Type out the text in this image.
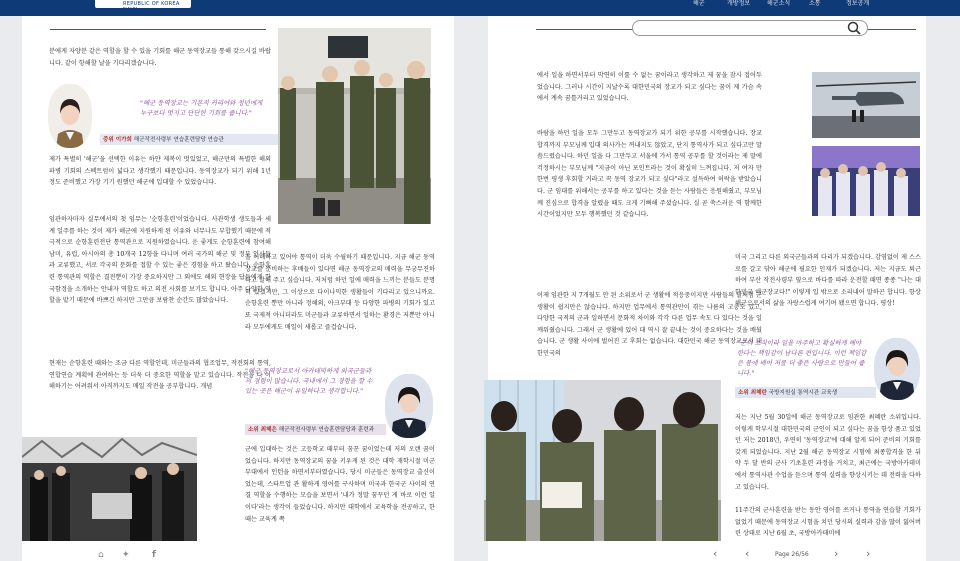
REPUBLIC OF KOREA NAVY
해군	개방정보	해군소식	소통	정보공개
분에게 자양분 같은 역할을 할 수 있을 기회를 해군 동역장교들 통해 갖으시길 바랍니다. 같이 항해할 날을 기다리겠습니다.
"해군 동역장교는 기본적 커리어와 청년에게 누구보다 멋지고 단단한 기회를 줍니다."
중위 이가희 해군작전사령부 연습훈련담당 연습관
제가 특별히 '해군'을 선택한 이유는 하얀 제복이 멋있었고, 해군만의 특별한 해외파병 기회의 스펙트럼이 넓다고 생각했기 때문입니다. 동역장교가 되기 위해 1년 정도 준비했고 가장 기기 원했던 해군에 입대할 수 있었습니다.
임관하자마자 실무에서의 첫 임무는 '순항훈련'이었습니다. 사관학생 생도들과 세계 일주를 하는 것이 제가 해군에 지원하게 된 이유와 너무나도 부합했기 때문에 적극적으로 순항훈련전단 통역관으로 지원하였습니다. 운 좋게도 순항훈련에 참여해 남미, 유럽, 아시아의 총 10개국 12항을 다니며 여러 국가의 해군 및 정부 인사들과 교류했고, 서로 각국의 문화를 접할 수 있는 좋은 경험을 하고 왔습니다. 순항훈련 통역관의 역할은 결전뿐이 가장 중요하지만 그 외에도 해외 현장을 답들에게 한국함정을 소개하는 안내자 역할도 하고 의전 사회를 보기도 합니다. 아주 다양한 역할을 맡기 때문에 바쁘긴 하지만 그만큼 보람찬 순간도 많았습니다.
현재는 순항훈련 때와는 조금 다른 역할인데, 미군들과의 협조업무, 작전회의 통역, 연합연습 계획에 관여하는 등 더욱 더 중요한 역할을 맡고 있습니다. 작전을 다 이해하기는 어려워서 아직까지도 매일 작전을 공부합니다. 개념
을 이해하고 있어야 통역이 더욱 수월하기 때문입니다. 지금 해군 동역장교를 준비하는 후배들이 있다면 해군 동역장교의 매력을 무궁무진하다고 말해 주고 싶습니다. 저처럼 하던 일에 매력을 느끼는 분들도 분명히 있겠지만, 그 이상으로 다이나믹한 생활들이 기다리고 있으니까요. 순항훈련 뿐만 아니라 정해외, 아크부대 등 다양한 파병의 기회가 있고 또 국제적 아니더라도 미군들과 교류하면서 일하는 환경은 저뿐만 아니라 모두에게도 매일이 새롭고 즐겁습니다.
"해군 동역장교로서 아카데믹하게 외국군들과의 경험이 많습니다. 국내에서 그 경험을 할 수 있는 곳은 해군이 유일하다고 생각합니다."
소위 최혜은 해군작전사령부 연습훈련담당과 훈련과
군에 입대하는 것은 고등학교 때부터 꿈꾼 꿈이었는데 저의 오랜 꿈이었습니다. 하지만 동역장교의 꿈을 키우게 된 것은 대학 재학시절 미군부대에서 인턴을 하면서부터였습니다. 당시 미군들은 동역장교 출신이었는데, 스타트업 관 활하게 영어를 구사하며 미국과 한국군 사이의 연결 역할을 수행하는 모습을 보면서 '내가 정말 꿈꾸던 게 바로 이런 일이다'라는 생각이 들었습니다. 하지만 대학에서 교육학을 전공하고, 한 때는 교육계 쪽
⌂ ✦ f
에서 일을 하면서부터 막연히 이룰 수 없는 꿈이라고 생각하고 제 꿈을 잠시 접어두었습니다. 그러나 시간이 지날수록 대한민국의 장교가 되고 싶다는 꿈이 제 가슴 속에서 계속 꿈틀거리고 있었습니다.
바람을 하던 일을 모두 그만두고 동역장교가 되기 위한 공부를 시작했습니다. 장교 합격까지 부모님께 입대 의사가는 꺼내지도 않았고, 단지 통역사가 되고 싶다고만 말씀드렸습니다. 하던 일을 다 그만두고 서울에 가서 통역 공부를 할 것이라는 제 말에 걱정하시는 부모님께 "지금이 아닌 포인트라는 것이 확실히 느껴집니다. 저 여자 만 한번 평생 후회할 거라고 꼭 동역 장교가 되고 싶다"라고 설득하여 허락을 받았습니다. 군 임대를 위해서는 공부를 하고 있다는 것을 듣는 사람들은 응원해줬고, 부모님께 진심으로 합격을 알렸을 때도 크게 기뻐해 주셨습니다. 실 곧 쑥스러운 역 함께한 시간이었지만 모두 행복했던 것 같습니다.
이제 임관한 지 7개월도 안 된 소위로서 군 생활에 적응중이지만 사람들의 말처럼 군 생활이 쉽지만은 않습니다. 하지만 업무에서 통역관만이 겪는 나름의 고충도 있고, 다양한 국적의 군과 일하면서 문화적 차이와 각각 다른 업무 속도 다 있다는 것을 일깨워줬습니다. 그래서 군 생활에 있어 대 역시 잘 끝내는 것이 중요하다는 것을 배웠습니다. 군 생활 사이에 벌어진 고 후회는 없습니다. 대한민국 해군 동역장교로서 대한민국의
미국 그리고 다른 외국군들과의 다리가 되겠습니다. 감염없이 제 스스로를 갈고 닦아 해군에 필요한 인재가 되겠습니다. 저는 지금도 퇴근하여 부산 작전사령부 옆으로 바다를 따라 운전할 때면 종종 "나는 대한민국 해군장교다!" 이렇게 입 밖으로 소리내어 말하곤 합니다. 항상 해군으로서의 삶을 자랑스럽게 여기며 됐으면 합니다. 평상!
"군의 조직이라 일을 마주하고 확실하게 해야 한다는 책임감이 남다른 편입니다. 이런 책임감은 몸에 배어 저를 더 좋은 사람으로 만들어 줍니다."
소위 최혜란 국방지원실 통역시관 교육생
저는 지난 5월 30일에 해군 동역장교로 임관한 최혜란 소위입니다. 이렇게 학부시절 대한민국의 군인이 되고 싶다는 꿈을 항상 품고 있었던 저는 2018년, 우연히 '동역장교'에 대해 알게 되어 준비의 기회를 갖게 되었습니다. 지난 2월 해군 동역장교 시험에 최종합격을 한 뒤 약 두 달 반의 군사 기초훈련 과정을 거치고, 최근에는 국방아카데미에서 통역사관 수업을 듣으며 통역 실력을 향상시키는 데 전력을 다하고 있습니다.
11주간의 군사훈련을 받는 동안 영어를 쓰거나 통역을 연습할 기회가 없었기 때문에 동역장교 시험을 치던 당시의 실력과 감을 많이 잃어버린 상태로 지난 6월 초, 국방아카데미에
‹	‹	Page 26/56 ›	›
